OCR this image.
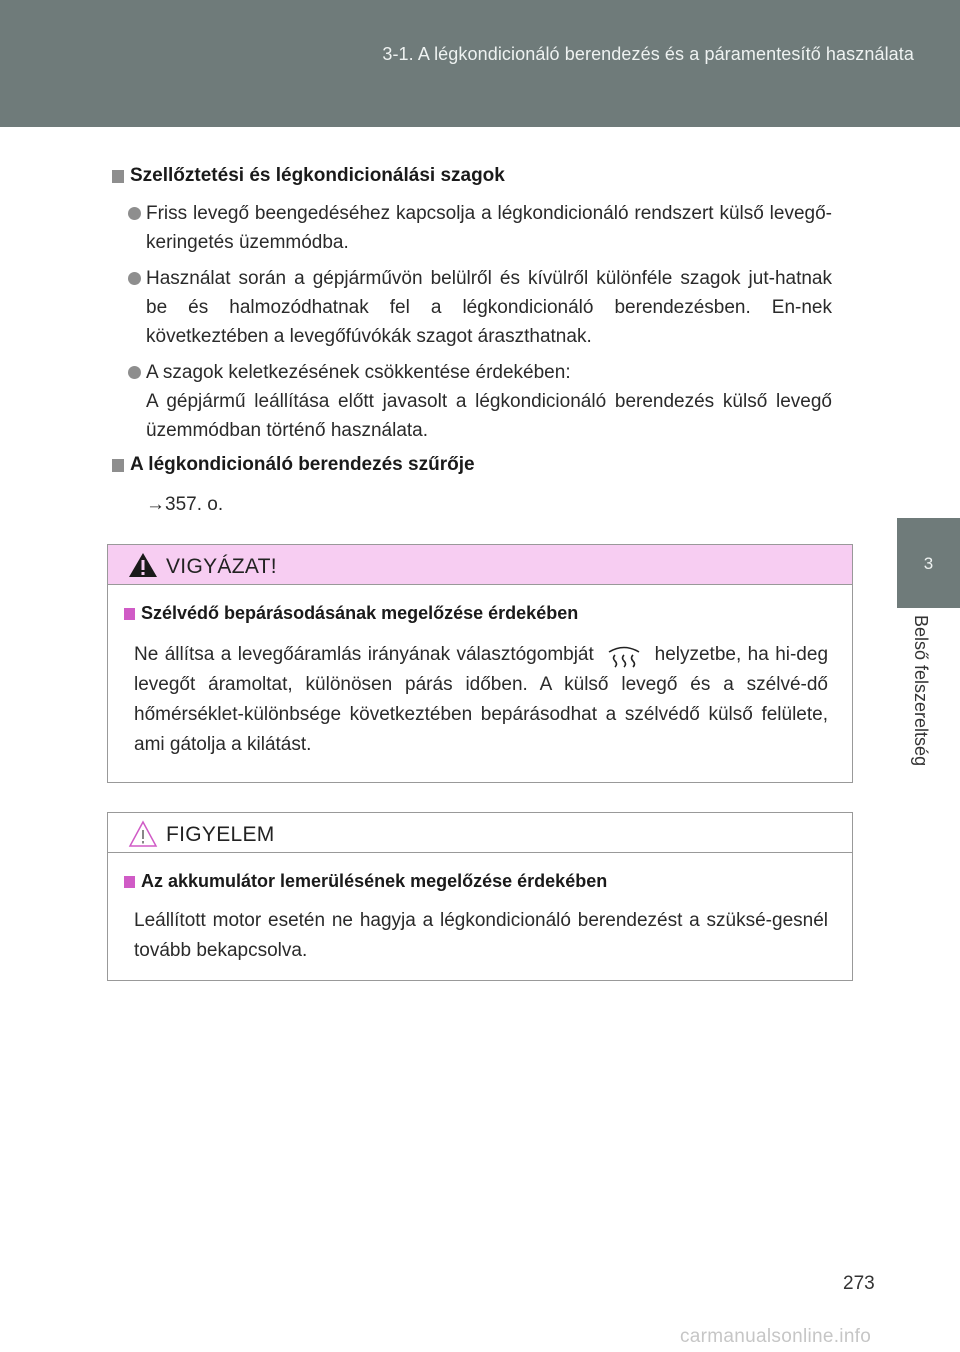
3-1. A légkondicionáló berendezés és a páramentesítő használata
3
Belső felszereltség
Szellőztetési és légkondicionálási szagok
Friss levegő beengedéséhez kapcsolja a légkondicionáló rendszert külső levegő-keringetés üzemmódba.
Használat során a gépjárművön belülről és kívülről különféle szagok jut-hatnak be és halmozódhatnak fel a légkondicionáló berendezésben. En-nek következtében a levegőfúvókák szagot áraszthatnak.
A szagok keletkezésének csökkentése érdekében:
A gépjármű leállítása előtt javasolt a légkondicionáló berendezés külső levegő üzemmódban történő használata.
A légkondicionáló berendezés szűrője
→357. o.
VIGYÁZAT!
Szélvédő bepárásodásának megelőzése érdekében
Ne állítsa a levegőáramlás irányának választógombját	helyzetbe, ha hi-deg levegőt áramoltat, különösen párás időben. A külső levegő és a szélvé-dő hőmérséklet-különbsége következtében bepárásodhat a szélvédő külső felülete, ami gátolja a kilátást.
FIGYELEM
Az akkumulátor lemerülésének megelőzése érdekében
Leállított motor esetén ne hagyja a légkondicionáló berendezést a szüksé-gesnél tovább bekapcsolva.
273
carmanualsonline.info
